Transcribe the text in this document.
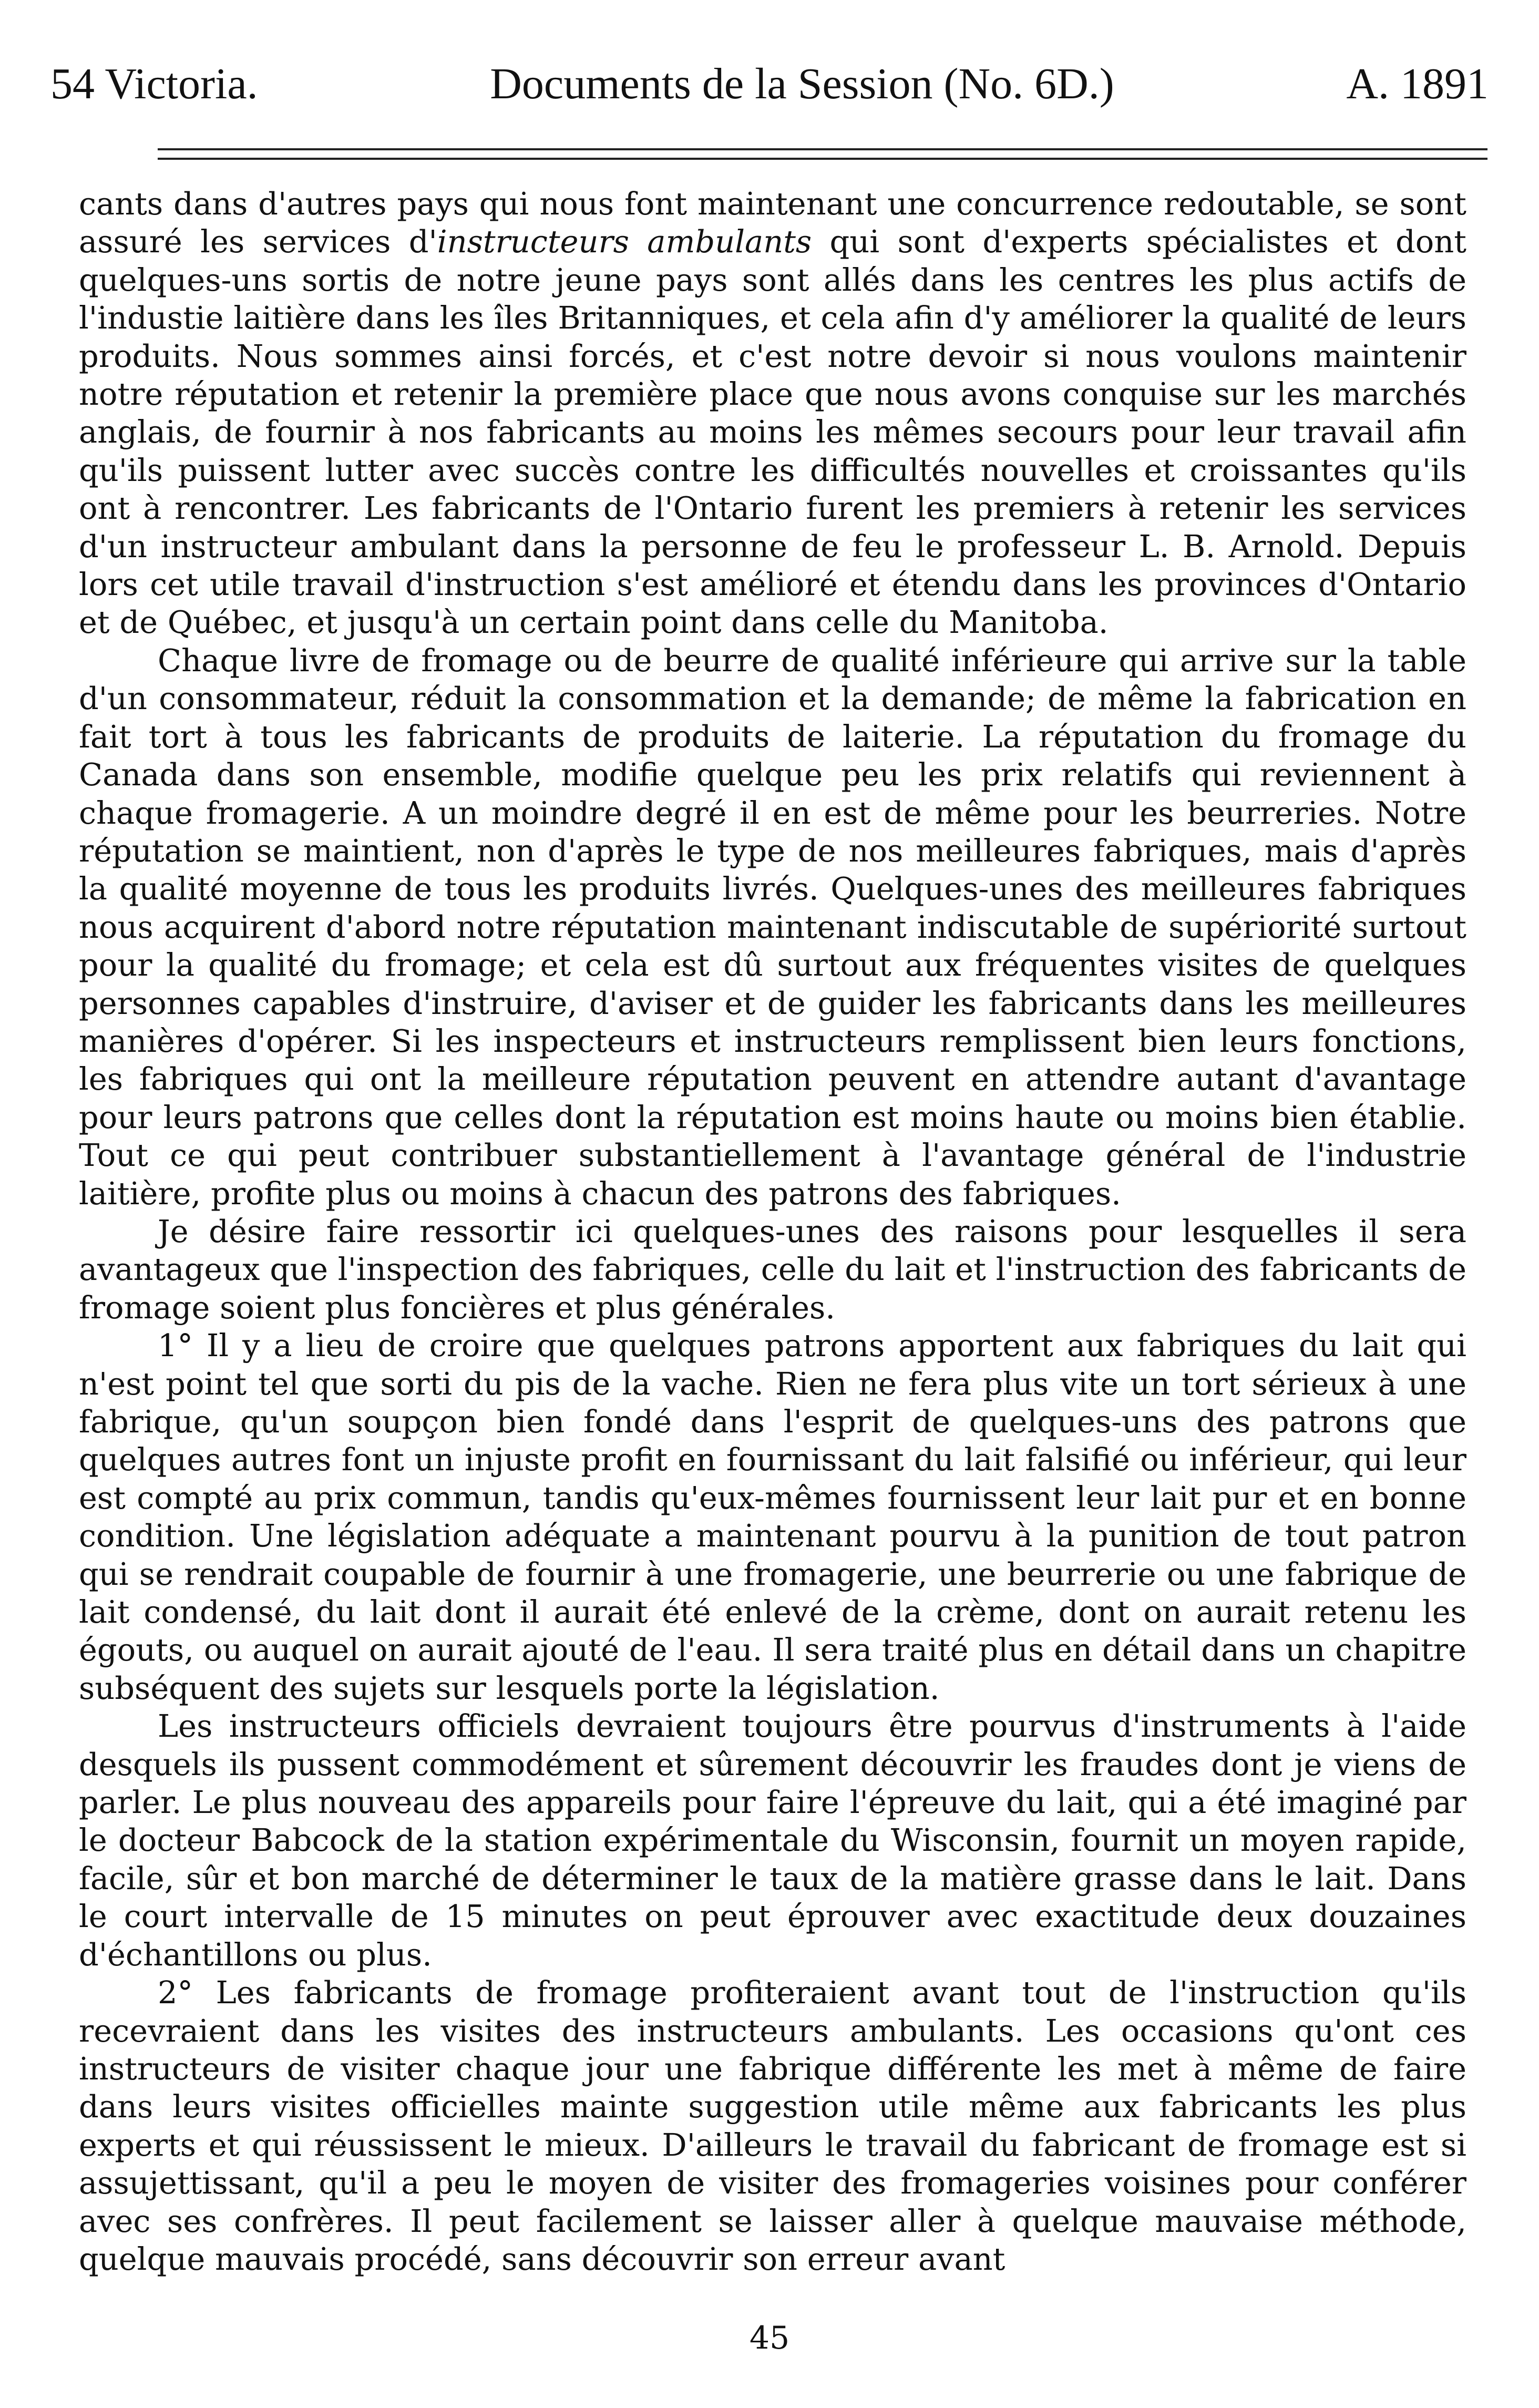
54 Victoria.	Documents de la Session (No. 6D.)	A. 1891

cants dans d'autres pays qui nous font maintenant une concurrence redoutable, se sont assuré les services d'instructeurs ambulants qui sont d'experts spécialistes et dont quelques-uns sortis de notre jeune pays sont allés dans les centres les plus actifs de l'industie laitière dans les îles Britanniques, et cela afin d'y améliorer la qualité de leurs produits. Nous sommes ainsi forcés, et c'est notre devoir si nous voulons maintenir notre réputation et retenir la première place que nous avons conquise sur les marchés anglais, de fournir à nos fabricants au moins les mêmes secours pour leur travail afin qu'ils puissent lutter avec succès contre les difficultés nouvelles et croissantes qu'ils ont à rencontrer. Les fabricants de l'Ontario furent les premiers à retenir les services d'un instructeur ambulant dans la personne de feu le professeur L. B. Arnold. Depuis lors cet utile travail d'instruction s'est amélioré et étendu dans les provinces d'Ontario et de Québec, et jusqu'à un certain point dans celle du Manitoba.

Chaque livre de fromage ou de beurre de qualité inférieure qui arrive sur la table d'un consommateur, réduit la consommation et la demande; de même la fabrication en fait tort à tous les fabricants de produits de laiterie. La réputation du fromage du Canada dans son ensemble, modifie quelque peu les prix relatifs qui reviennent à chaque fromagerie. A un moindre degré il en est de même pour les beurreries. Notre réputation se maintient, non d'après le type de nos meilleures fabriques, mais d'après la qualité moyenne de tous les produits livrés. Quelques-unes des meilleures fabriques nous acquirent d'abord notre réputation maintenant indiscutable de supériorité surtout pour la qualité du fromage; et cela est dû surtout aux fréquentes visites de quelques personnes capables d'instruire, d'aviser et de guider les fabricants dans les meilleures manières d'opérer. Si les inspecteurs et instructeurs remplissent bien leurs fonctions, les fabriques qui ont la meilleure réputation peuvent en attendre autant d'avantage pour leurs patrons que celles dont la réputation est moins haute ou moins bien établie. Tout ce qui peut contribuer substantiellement à l'avantage général de l'industrie laitière, profite plus ou moins à chacun des patrons des fabriques.

Je désire faire ressortir ici quelques-unes des raisons pour lesquelles il sera avantageux que l'inspection des fabriques, celle du lait et l'instruction des fabricants de fromage soient plus foncières et plus générales.

1° Il y a lieu de croire que quelques patrons apportent aux fabriques du lait qui n'est point tel que sorti du pis de la vache. Rien ne fera plus vite un tort sérieux à une fabrique, qu'un soupçon bien fondé dans l'esprit de quelques-uns des patrons que quelques autres font un injuste profit en fournissant du lait falsifié ou inférieur, qui leur est compté au prix commun, tandis qu'eux-mêmes fournissent leur lait pur et en bonne condition. Une législation adéquate a maintenant pourvu à la punition de tout patron qui se rendrait coupable de fournir à une fromagerie, une beurrerie ou une fabrique de lait condensé, du lait dont il aurait été enlevé de la crème, dont on aurait retenu les égouts, ou auquel on aurait ajouté de l'eau. Il sera traité plus en détail dans un chapitre subséquent des sujets sur lesquels porte la législation.

Les instructeurs officiels devraient toujours être pourvus d'instruments à l'aide desquels ils pussent commodément et sûrement découvrir les fraudes dont je viens de parler. Le plus nouveau des appareils pour faire l'épreuve du lait, qui a été imaginé par le docteur Babcock de la station expérimentale du Wisconsin, fournit un moyen rapide, facile, sûr et bon marché de déterminer le taux de la matière grasse dans le lait. Dans le court intervalle de 15 minutes on peut éprouver avec exactitude deux douzaines d'échantillons ou plus.

2° Les fabricants de fromage profiteraient avant tout de l'instruction qu'ils recevraient dans les visites des instructeurs ambulants. Les occasions qu'ont ces instructeurs de visiter chaque jour une fabrique différente les met à même de faire dans leurs visites officielles mainte suggestion utile même aux fabricants les plus experts et qui réussissent le mieux. D'ailleurs le travail du fabricant de fromage est si assujettissant, qu'il a peu le moyen de visiter des fromageries voisines pour conférer avec ses confrères. Il peut facilement se laisser aller à quelque mauvaise méthode, quelque mauvais procédé, sans découvrir son erreur avant

45
